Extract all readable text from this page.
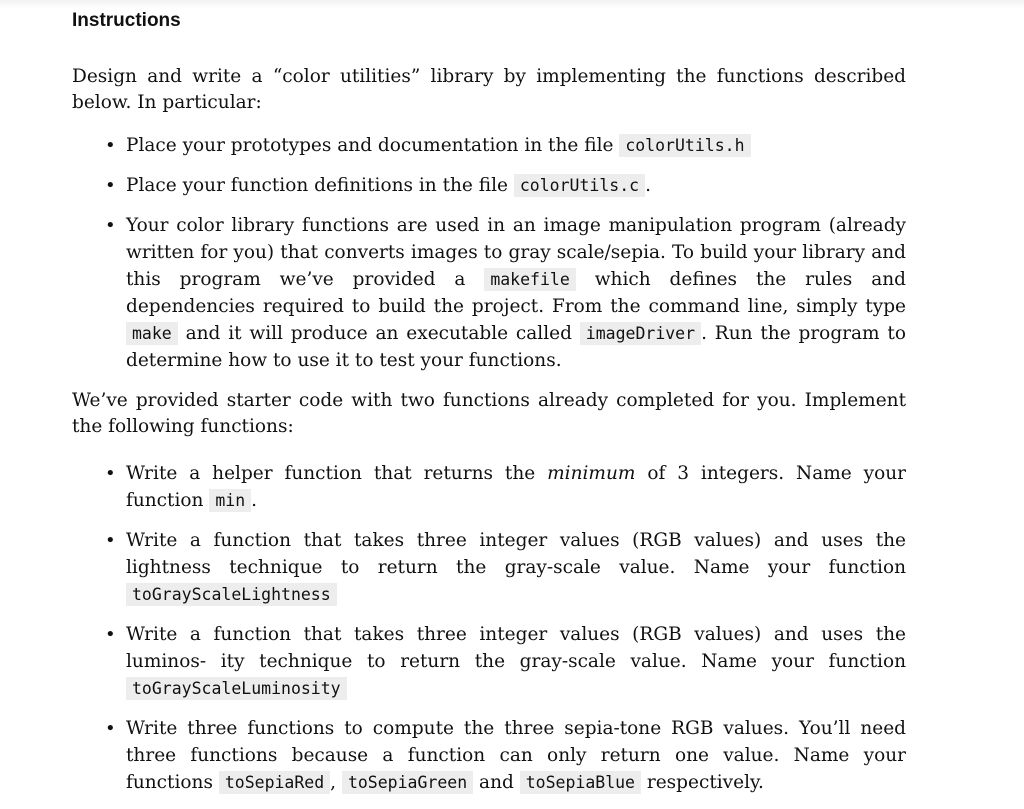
Instructions
Design and write a “color utilities” library by implementing the functions described below. In particular:
• Place your prototypes and documentation in the file colorUtils.h
• Place your function definitions in the file colorUtils.c .
• Your color library functions are used in an image manipulation program (already written for you) that converts images to gray scale/sepia. To build your library and this program we’ve provided a makefile which defines the rules and dependencies required to build the project. From the command line, simply type make and it will produce an executable called imageDriver . Run the program to determine how to use it to test your functions.
We’ve provided starter code with two functions already completed for you. Implement the following functions:
• Write a helper function that returns the minimum of 3 integers. Name your function min .
• Write a function that takes three integer values (RGB values) and uses the lightness technique to return the gray-scale value. Name your function toGrayScaleLightness
• Write a function that takes three integer values (RGB values) and uses the luminos- ity technique to return the gray-scale value. Name your function toGrayScaleLuminosity
• Write three functions to compute the three sepia-tone RGB values. You’ll need three functions because a function can only return one value. Name your functions toSepiaRed , toSepiaGreen and toSepiaBlue respectively.
